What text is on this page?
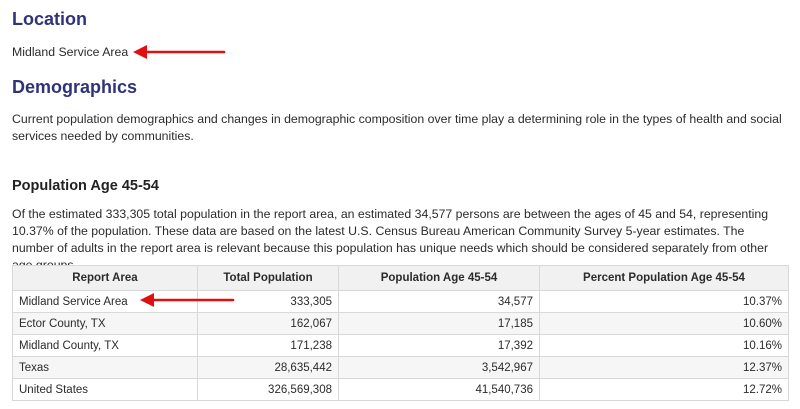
Location

Midland Service Area

Demographics

Current population demographics and changes in demographic composition over time play a determining role in the types of health and social services needed by communities.

Population Age 45-54

Of the estimated 333,305 total population in the report area, an estimated 34,577 persons are between the ages of 45 and 54, representing 10.37% of the population. These data are based on the latest U.S. Census Bureau American Community Survey 5-year estimates. The number of adults in the report area is relevant because this population has unique needs which should be considered separately from other

Report Area	Total Population	Population Age 45-54	Percent Population Age 45-54
Midland Service Area	333,305	34,577	10.37%
Ector County, TX	162,067	17,185	10.60%
Midland County, TX	171,238	17,392	10.16%
Texas	28,635,442	3,542,967	12.37%
United States	326,569,308	41,540,736	12.72%
